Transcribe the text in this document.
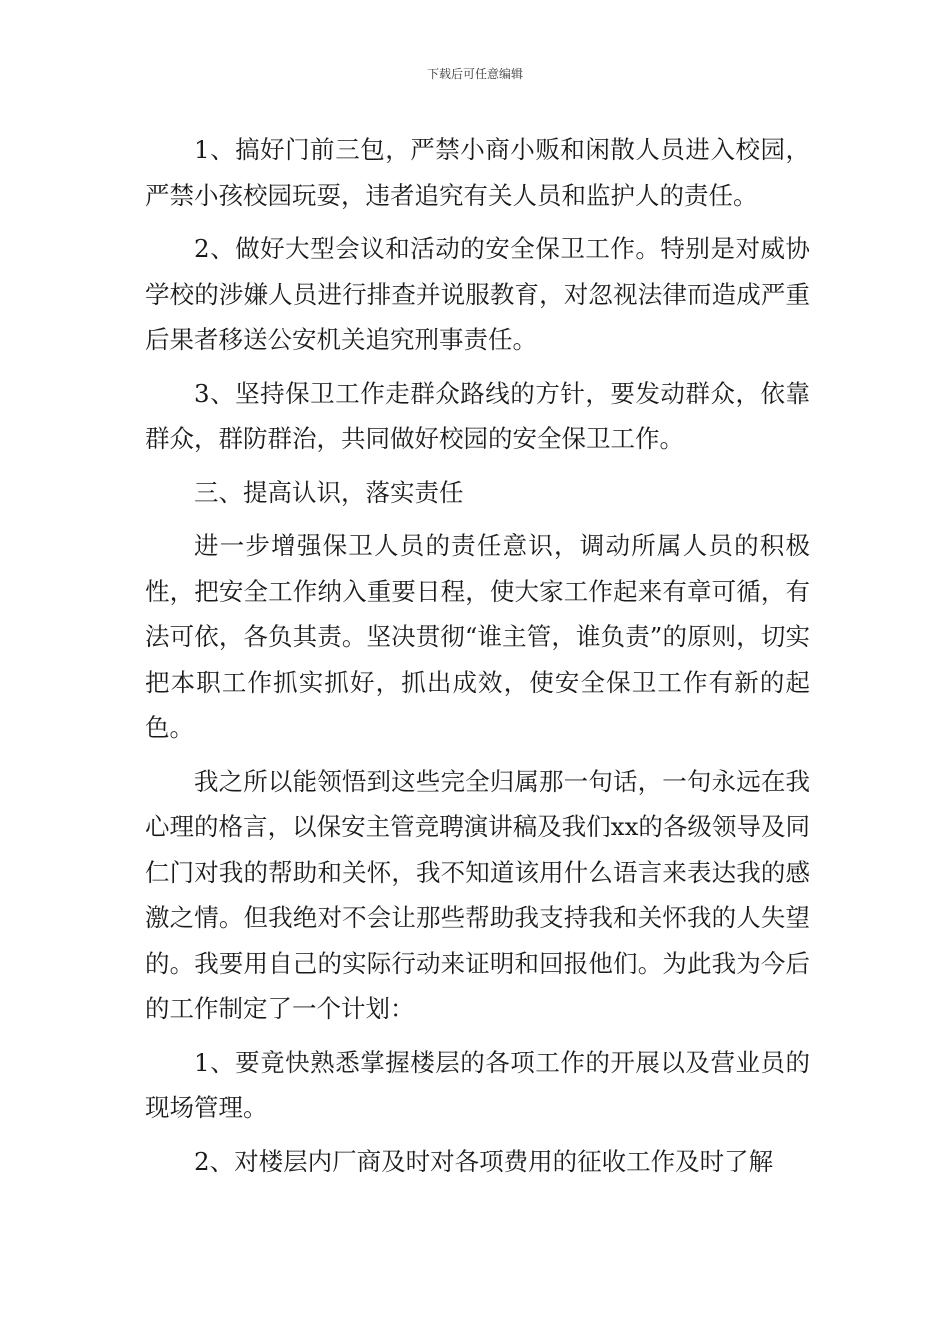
下载后可任意编辑

1、搞好门前三包，严禁小商小贩和闲散人员进入校园，严禁小孩校园玩耍，违者追究有关人员和监护人的责任。

2、做好大型会议和活动的安全保卫工作。特别是对威协学校的涉嫌人员进行排查并说服教育，对忽视法律而造成严重后果者移送公安机关追究刑事责任。

3、坚持保卫工作走群众路线的方针，要发动群众，依靠群众，群防群治，共同做好校园的安全保卫工作。

三、提高认识，落实责任

进一步增强保卫人员的责任意识，调动所属人员的积极性，把安全工作纳入重要日程，使大家工作起来有章可循，有法可依，各负其责。坚决贯彻“谁主管，谁负责”的原则，切实把本职工作抓实抓好，抓出成效，使安全保卫工作有新的起色。

我之所以能领悟到这些完全归属那一句话，一句永远在我心理的格言，以保安主管竞聘演讲稿及我们xx的各级领导及同仁门对我的帮助和关怀，我不知道该用什么语言来表达我的感激之情。但我绝对不会让那些帮助我支持我和关怀我的人失望的。我要用自己的实际行动来证明和回报他们。为此我为今后的工作制定了一个计划：

1、要竟快熟悉掌握楼层的各项工作的开展以及营业员的现场管理。

2、对楼层内厂商及时对各项费用的征收工作及时了解
